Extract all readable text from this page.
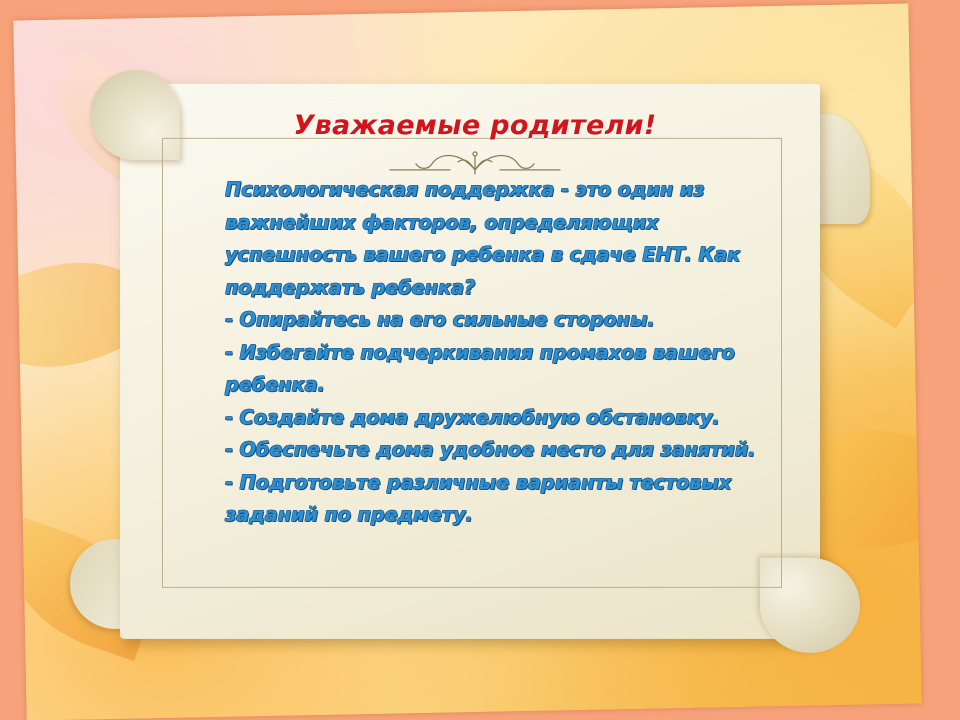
Уважаемые родители!

Психологическая поддержка - это один из важнейших факторов, определяющих успешность вашего ребенка в сдаче ЕНТ. Как поддержать ребенка?

- Опирайтесь на его сильные стороны.

- Избегайте подчеркивания промахов вашего ребенка.

- Создайте дома дружелюбную обстановку.

- Обеспечьте дома удобное место для занятий.

- Подготовьте различные варианты тестовых заданий по предмету.
